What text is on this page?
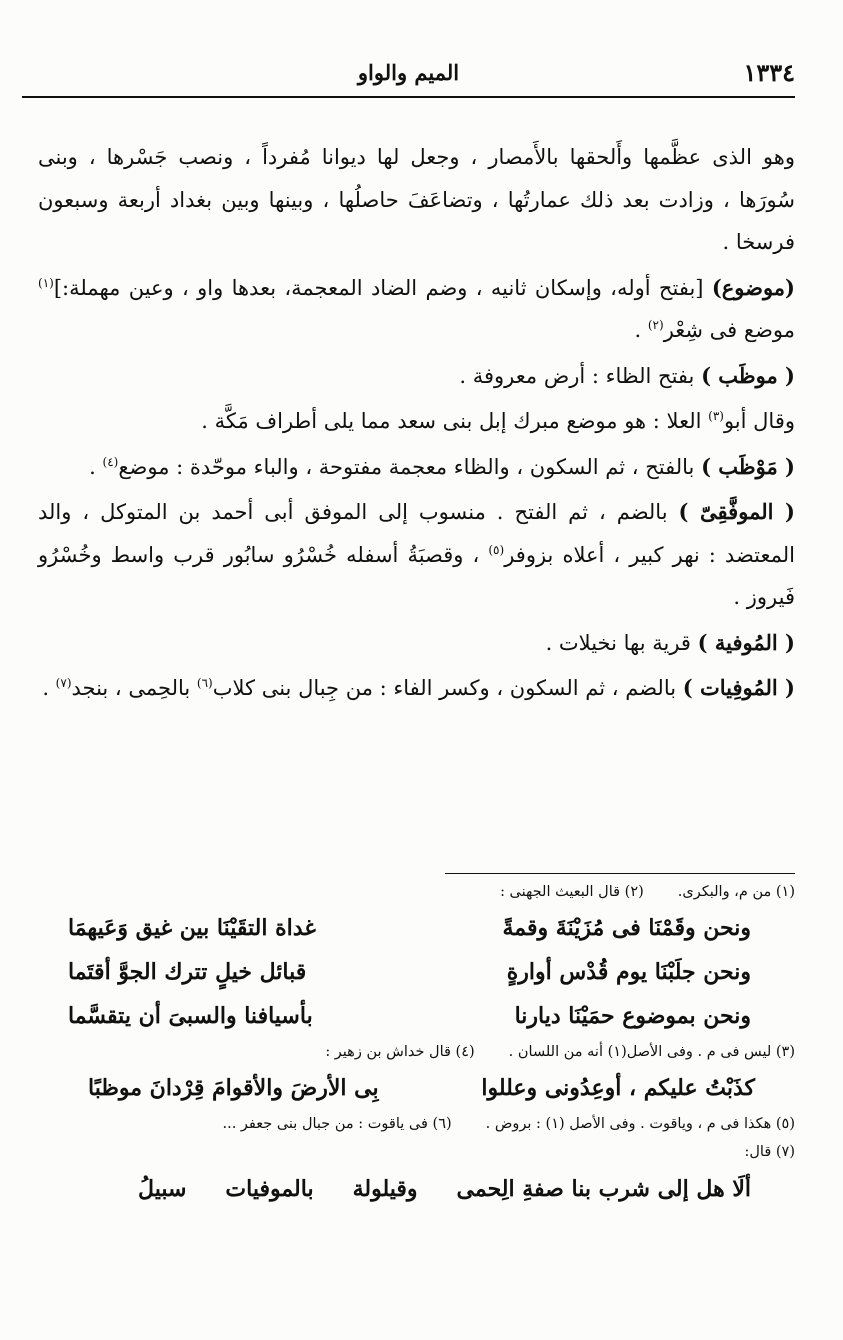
١٣٣٤
الميم والواو

وهو الذى عظَّمها وأَلحقها بالأَمصار ، وجعل لها ديوانا مُفرداً ، ونصب جَسْرها ، وبنى سُورَها ، وزادت بعد ذلك عمارتُها ، وتضاعَفَ حاصلُها ، وبينها وبين بغداد أربعة وسبعون فرسخا .

(موضوع) [بفتح أوله، وإسكان ثانيه ، وضم الضاد المعجمة، بعدها واو ، وعين مهملة:]$^{(١)}$ موضع فى شِعْر$^{(٢)}$ .

( موظَب ) بفتح الظاء : أرض معروفة .

وقال أبو$^{(٣)}$ العلا : هو موضع مبرك إبل بنى سعد مما يلى أطراف مَكَّة .

( مَوْظَب ) بالفتح ، ثم السكون ، والظاء معجمة مفتوحة ، والباء موحّدة : موضع$^{(٤)}$ .

( الموفَّقِىّ ) بالضم ، ثم الفتح . منسوب إلى الموفق أبى أحمد بن المتوكل ، والد المعتضد : نهر كبير ، أعلاه بزوفر$^{(٥)}$ ، وقصبَةُ أسفله خُسْرُو سابُور قرب واسط وخُسْرُو فَيروز .

( المُوفية ) قرية بها نخيلات .

( المُوفِيات ) بالضم ، ثم السكون ، وكسر الفاء : من جِبال بنى كلاب$^{(٦)}$ بالحِمى ، بنجد$^{(٧)}$ .

(١) من م، والبكرى.(٢) قال البعيث الجهنى :
ونحن وقَمْنَا فى مُزَيْنَةَ وقمةً
غداة التقَيْنَا بين غيق وَعَيهمَا
ونحن جلَبْنَا يوم قُدْس أوارةٍ
قبائل خيلٍ تترك الجوَّ أقتَما
ونحن بموضوع حمَيْنَا ديارنا
بأسيافنا والسبىَ أن يتقسَّما
(٣) ليس فى م . وفى الأصل(١) أنه من اللسان .(٤) قال خداش بن زهير :
كذَبْتُ عليكم ، أوعِدُونى وعللوا
بِى الأرضَ والأقوامَ قِرْدانَ موظبًا
(٥) هكذا فى م ، وياقوت . وفى الأصل (١) : بروض .(٦) فى ياقوت : من جبال بنى جعفر ...
(٧) قال:
ألَا هل إلى شرب بنا صفةِ الِحمى
وقيلولة
بالموفيات
سبيلُ
